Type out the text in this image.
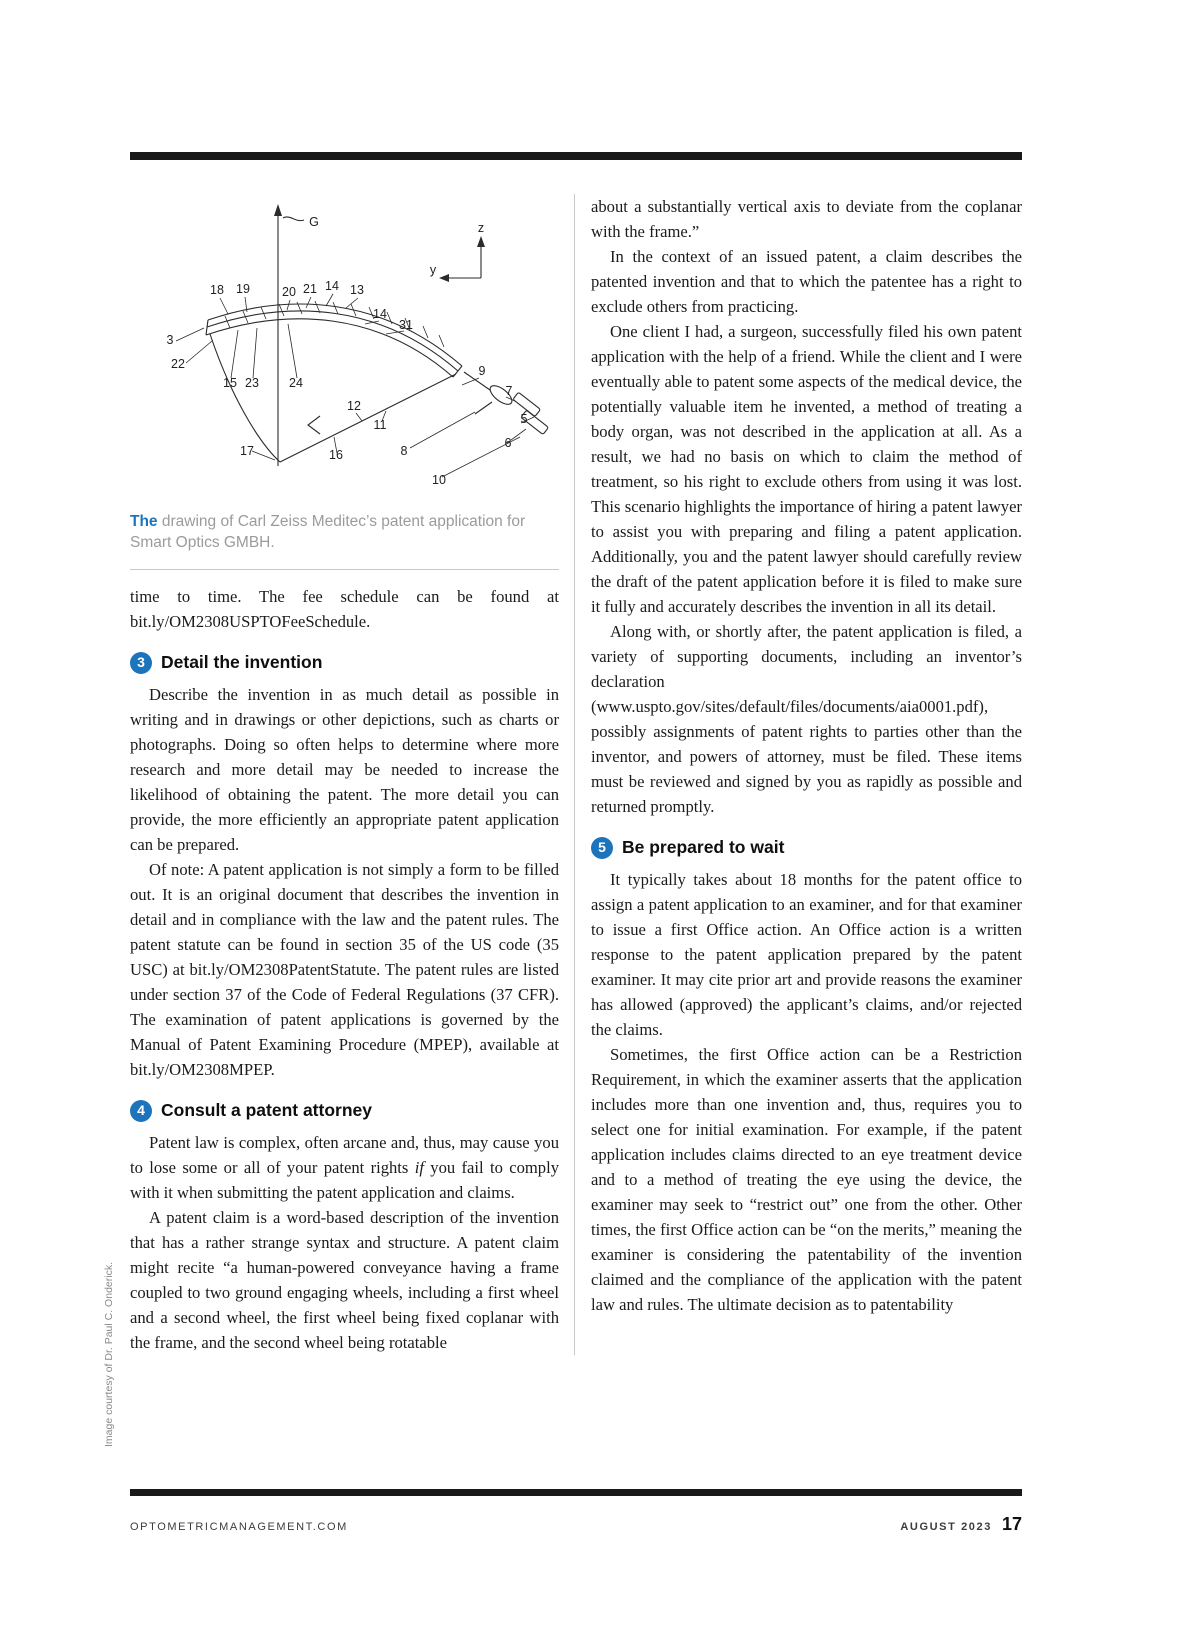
G	z
y
18 19	20 21 14 13
14
31
3
22
15 23 24
9
7
12
11	5
6
8
10
17	16
The drawing of Carl Zeiss Meditec’s patent application for Smart Optics GMBH.

time to time. The fee schedule can be found at bit.ly/OM2308USPTOFeeSchedule.

3 Detail the invention

Describe the invention in as much detail as possible in writing and in drawings or other depictions, such as charts or photographs. Doing so often helps to determine where more research and more detail may be needed to increase the likelihood of obtaining the patent. The more detail you can provide, the more efficiently an appropriate patent application can be prepared.

Of note: A patent application is not simply a form to be filled out. It is an original document that describes the invention in detail and in compliance with the law and the patent rules. The patent statute can be found in section 35 of the US code (35 USC) at bit.ly/OM2308PatentStatute. The patent rules are listed under section 37 of the Code of Federal Regulations (37 CFR). The examination of patent applications is governed by the Manual of Patent Examining Procedure (MPEP), available at bit.ly/OM2308MPEP.

4 Consult a patent attorney

Patent law is complex, often arcane and, thus, may cause you to lose some or all of your patent rights if you fail to comply with it when submitting the patent application and claims.

A patent claim is a word-based description of the invention that has a rather strange syntax and structure. A patent claim might recite “a human-powered conveyance having a frame coupled to two ground engaging wheels, including a first wheel and a second wheel, the first wheel being fixed coplanar with the frame, and the second wheel being rotatable

about a substantially vertical axis to deviate from the coplanar with the frame.”

In the context of an issued patent, a claim describes the patented invention and that to which the patentee has a right to exclude others from practicing.

One client I had, a surgeon, successfully filed his own patent application with the help of a friend. While the client and I were eventually able to patent some aspects of the medical device, the potentially valuable item he invented, a method of treating a body organ, was not described in the application at all. As a result, we had no basis on which to claim the method of treatment, so his right to exclude others from using it was lost. This scenario highlights the importance of hiring a patent lawyer to assist you with preparing and filing a patent application. Additionally, you and the patent lawyer should carefully review the draft of the patent application before it is filed to make sure it fully and accurately describes the invention in all its detail.

Along with, or shortly after, the patent application is filed, a variety of supporting documents, including an inventor’s declaration (www.uspto.gov/sites/default/files/documents/aia0001.pdf), possibly assignments of patent rights to parties other than the inventor, and powers of attorney, must be filed. These items must be reviewed and signed by you as rapidly as possible and returned promptly.

5 Be prepared to wait

It typically takes about 18 months for the patent office to assign a patent application to an examiner, and for that examiner to issue a first Office action. An Office action is a written response to the patent application prepared by the patent examiner. It may cite prior art and provide reasons the examiner has allowed (approved) the applicant’s claims, and/or rejected the claims.

Sometimes, the first Office action can be a Restriction Requirement, in which the examiner asserts that the application includes more than one invention and, thus, requires you to select one for initial examination. For example, if the patent application includes claims directed to an eye treatment device and to a method of treating the eye using the device, the examiner may seek to “restrict out” one from the other. Other times, the first Office action can be “on the merits,” meaning the examiner is considering the patentability of the invention claimed and the compliance of the application with the patent law and rules. The ultimate decision as to patentability

Image courtesy of Dr. Paul C. Onderick.
OPTOMETRICMANAGEMENT.COM	AUGUST 2023 17
